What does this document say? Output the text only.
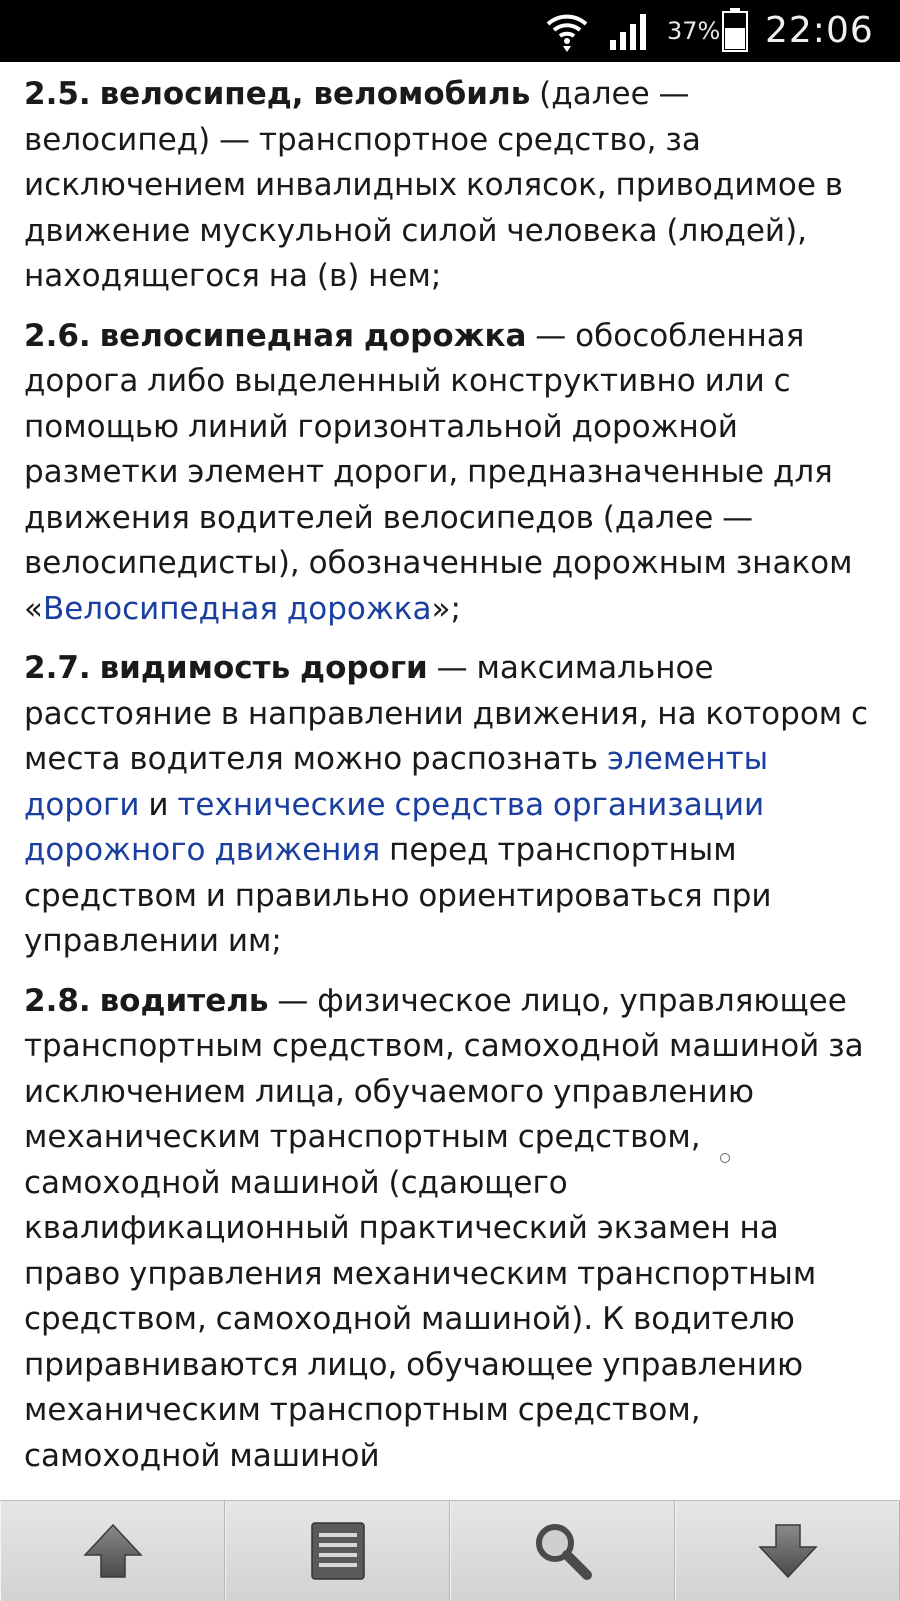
37% 22:06

2.5. велосипед, веломобиль (далее — велосипед) — транспортное средство, за исключением инвалидных колясок, приводимое в движение мускульной силой человека (людей), находящегося на (в) нем;

2.6. велосипедная дорожка — обособленная дорога либо выделенный конструктивно или с помощью линий горизонтальной дорожной разметки элемент дороги, предназначенные для движения водителей велосипедов (далее — велосипедисты), обозначенные дорожным знаком «Велосипедная дорожка»;

2.7. видимость дороги — максимальное расстояние в направлении движения, на котором с места водителя можно распознать элементы дороги и технические средства организации дорожного движения перед транспортным средством и правильно ориентироваться при управлении им;

2.8. водитель — физическое лицо, управляющее транспортным средством, самоходной машиной за исключением лица, обучаемого управлению механическим транспортным средством, самоходной машиной (сдающего квалификационный практический экзамен на право управления механическим транспортным средством, самоходной машиной). К водителю приравниваются лицо, обучающее управлению механическим транспортным средством, самоходной машиной
